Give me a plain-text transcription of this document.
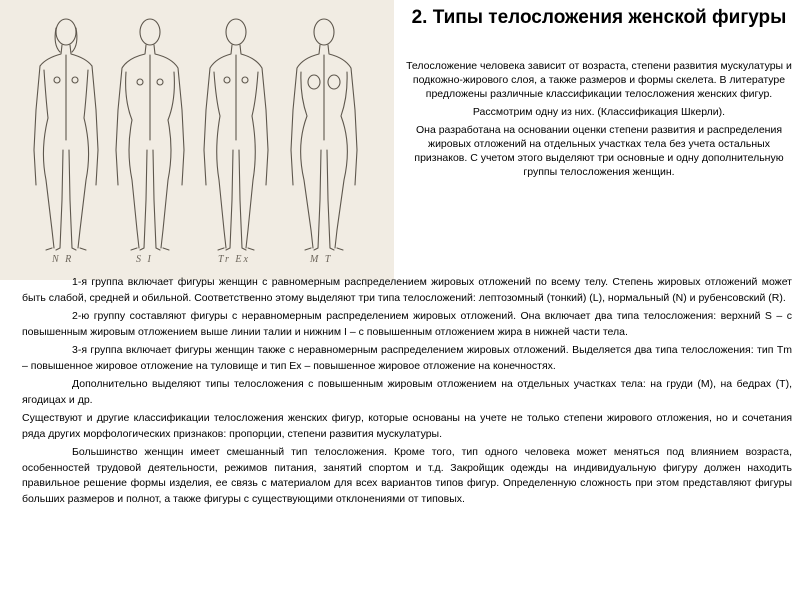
N R	S I	Tr Ex	M T
2. Типы телосложения женской фигуры

Телосложение человека зависит от возраста, степени развития мускулатуры и подкожно-жирового слоя, а также размеров и формы скелета. В литературе предложены различные классификации телосложения женских фигур.

Рассмотрим одну из них. (Классификация Шкерли).

Она разработана на основании оценки степени развития и распределения жировых отложений на отдельных участках тела без учета остальных признаков. С учетом этого выделяют три основные и одну дополнительную группы телосложения женщин.

1-я группа включает фигуры женщин с равномерным распределением жировых отложений по всему телу. Степень жировых отложений может быть слабой, средней и обильной. Соответственно этому выделяют три типа телосложений: лептозомный (тонкий) (L), нормальный (N) и рубенсовский (R).

2-ю группу составляют фигуры с неравномерным распределением жировых отложений. Она включает два типа телосложения: верхний S – с повышенным жировым отложением выше линии талии и нижним I – с повышенным отложением жира в нижней части тела.

3-я группа включает фигуры женщин также с неравномерным распределением жировых отложений. Выделяется два типа телосложения: тип Tm – повышенное жировое отложение на туловище и тип Ex – повышенное жировое отложение на конечностях.

Дополнительно выделяют типы телосложения с повышенным жировым отложением на отдельных участках тела: на груди (M), на бедрах (T), ягодицах и др.

Существуют и другие классификации телосложения женских фигур, которые основаны на учете не только степени жирового отложения, но и сочетания ряда других морфологических признаков: пропорции, степени развития мускулатуры.

Большинство женщин имеет смешанный тип телосложения. Кроме того, тип одного человека может меняться под влиянием возраста, особенностей трудовой деятельности, режимов питания, занятий спортом и т.д. Закройщик одежды на индивидуальную фигуру должен находить правильное решение формы изделия, ее связь с материалом для всех вариантов типов фигур. Определенную сложность при этом представляют фигуры больших размеров и полнот, а также фигуры с существующими отклонениями от типовых.
